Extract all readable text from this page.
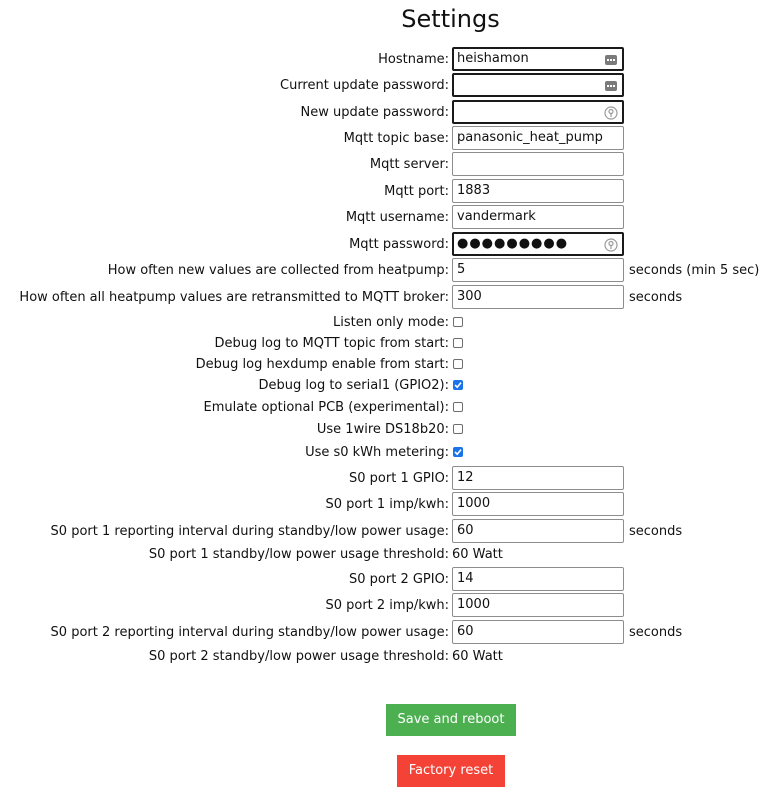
Settings
Hostname: heishamon
Current update password:
New update password:
Mqtt topic base: panasonic_heat_pump
Mqtt server:
Mqtt port: 1883
Mqtt username: vandermark
Mqtt password: ●●●●●●●●●
How often new values are collected from heatpump: 5	seconds (min 5 sec)
How often all heatpump values are retransmitted to MQTT broker: 300	seconds
Listen only mode:
Debug log to MQTT topic from start:
Debug log hexdump enable from start:
Debug log to serial1 (GPIO2):
Emulate optional PCB (experimental):
Use 1wire DS18b20:
Use s0 kWh metering:
S0 port 1 GPIO: 12
S0 port 1 imp/kwh: 1000
S0 port 1 reporting interval during standby/low power usage: 60	seconds
S0 port 1 standby/low power usage threshold: 60 Watt
S0 port 2 GPIO: 14
S0 port 2 imp/kwh: 1000
S0 port 2 reporting interval during standby/low power usage: 60	seconds
S0 port 2 standby/low power usage threshold: 60 Watt
Save and reboot
Factory reset
